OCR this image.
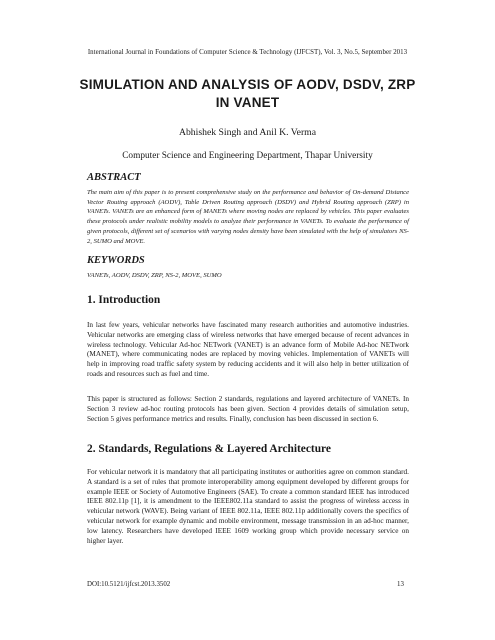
International Journal in Foundations of Computer Science & Technology (IJFCST), Vol. 3, No.5, September 2013
SIMULATION AND ANALYSIS OF AODV, DSDV, ZRP
IN VANET
Abhishek Singh and Anil K. Verma
Computer Science and Engineering Department, Thapar University
ABSTRACT
The main aim of this paper is to present comprehensive study on the performance and behavior of On-demand Distance Vector Routing approach (AODV), Table Driven Routing approach (DSDV) and Hybrid Routing approach (ZRP) in VANETs. VANETs are an enhanced form of MANETs where moving nodes are replaced by vehicles. This paper evaluates these protocols under realistic mobility models to analyze their performance in VANETs. To evaluate the performance of given protocols, different set of scenarios with varying nodes density have been simulated with the help of simulators NS-2, SUMO and MOVE.
KEYWORDS
VANETs, AODV, DSDV, ZRP, NS-2, MOVE, SUMO
1. Introduction
In last few years, vehicular networks have fascinated many research authorities and automotive industries. Vehicular networks are emerging class of wireless networks that have emerged because of recent advances in wireless technology. Vehicular Ad-hoc NETwork (VANET) is an advance form of Mobile Ad-hoc NETwork (MANET), where communicating nodes are replaced by moving vehicles. Implementation of VANETs will help in improving road traffic safety system by reducing accidents and it will also help in better utilization of roads and resources such as fuel and time.
This paper is structured as follows: Section 2 standards, regulations and layered architecture of VANETs. In Section 3 review ad-hoc routing protocols has been given. Section 4 provides details of simulation setup, Section 5 gives performance metrics and results. Finally, conclusion has been discussed in section 6.
2. Standards, Regulations & Layered Architecture
For vehicular network it is mandatory that all participating institutes or authorities agree on common standard. A standard is a set of rules that promote interoperability among equipment developed by different groups for example IEEE or Society of Automotive Engineers (SAE). To create a common standard IEEE has introduced IEEE 802.11p [1], it is amendment to the IEEE802.11a standard to assist the progress of wireless access in vehicular network (WAVE). Being variant of IEEE 802.11a, IEEE 802.11p additionally covers the specifics of vehicular network for example dynamic and mobile environment, message transmission in an ad-hoc manner, low latency. Researchers have developed IEEE 1609 working group which provide necessary service on higher layer.
DOI:10.5121/ijfcst.2013.3502	13
